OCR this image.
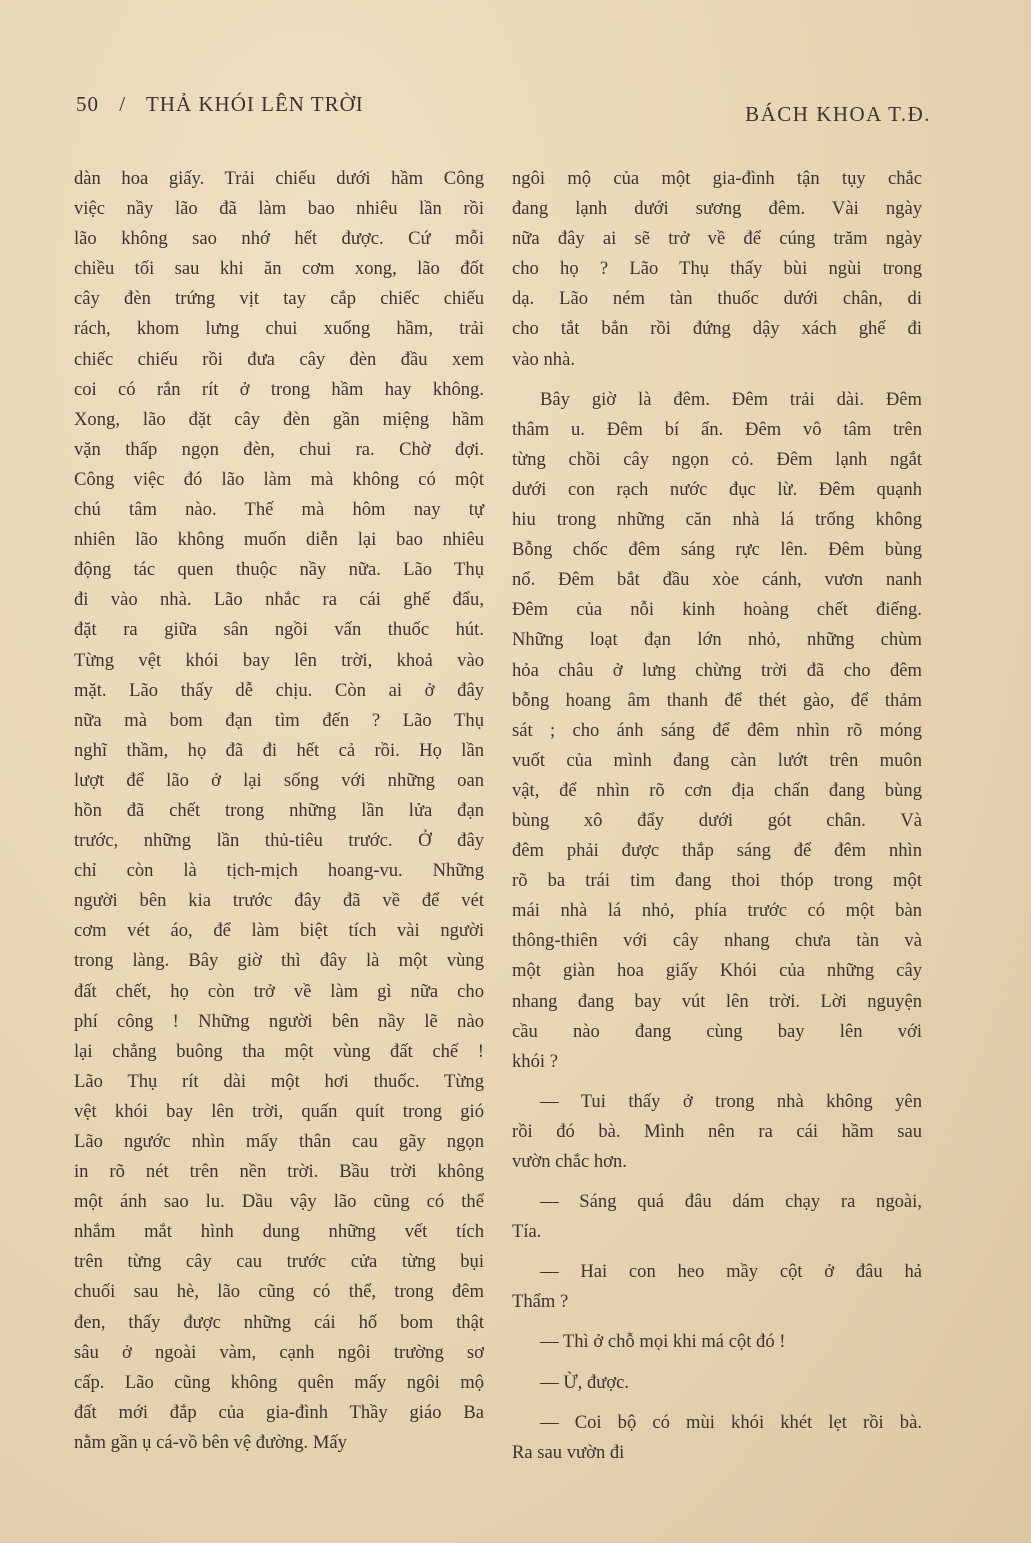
50 / THẢ KHÓI LÊN TRỜI	BÁCH KHOA T.Đ.

dàn hoa giấy. Trải chiếu dưới hầm Công
việc nầy lão đã làm bao nhiêu lần rồi
lão không sao nhớ hết được. Cứ mỗi
chiều tối sau khi ăn cơm xong, lão đốt
cây đèn trứng vịt tay cắp chiếc chiếu
rách, khom lưng chui xuống hầm, trải
chiếc chiếu rồi đưa cây đèn đầu xem
coi có rắn rít ở trong hầm hay không.
Xong, lão đặt cây đèn gần miệng hầm
vặn thấp ngọn đèn, chui ra. Chờ đợi.
Công việc đó lão làm mà không có một
chú tâm nào. Thế mà hôm nay tự
nhiên lão không muốn diễn lại bao nhiêu
động tác quen thuộc nầy nữa. Lão Thụ
đi vào nhà. Lão nhắc ra cái ghế đẩu,
đặt ra giữa sân ngồi vấn thuốc hút.
Từng vệt khói bay lên trời, khoả vào
mặt. Lão thấy dễ chịu. Còn ai ở đây
nữa mà bom đạn tìm đến ? Lão Thụ
nghĩ thầm, họ đã đi hết cả rồi. Họ lần
lượt để lão ở lại sống với những oan
hồn đã chết trong những lần lửa đạn
trước, những lần thủ-tiêu trước. Ở đây
chỉ còn là tịch-mịch hoang-vu. Những
người bên kia trước đây đã về để vét
cơm vét áo, để làm biệt tích vài người
trong làng. Bây giờ thì đây là một vùng
đất chết, họ còn trở về làm gì nữa cho
phí công ! Những người bên nầy lẽ nào
lại chẳng buông tha một vùng đất chế !
Lão Thụ rít dài một hơi thuốc. Từng
vệt khói bay lên trời, quấn quít trong gió
Lão ngước nhìn mấy thân cau gãy ngọn
in rõ nét trên nền trời. Bầu trời không
một ánh sao lu. Dầu vậy lão cũng có thể
nhắm mắt hình dung những vết tích
trên từng cây cau trước cửa từng bụi
chuối sau hè, lão cũng có thể, trong đêm
đen, thấy được những cái hố bom thật
sâu ở ngoài vàm, cạnh ngôi trường sơ
cấp. Lão cũng không quên mấy ngôi mộ
đất mới đắp của gia-đình Thầy giáo Ba
nằm gần ụ cá-vồ bên vệ đường. Mấy

ngôi mộ của một gia-đình tận tụy chắc
đang lạnh dưới sương đêm. Vài ngày
nữa đây ai sẽ trở về để cúng trăm ngày
cho họ ? Lão Thụ thấy bùi ngùi trong
dạ. Lão ném tàn thuốc dưới chân, di
cho tắt bẳn rồi đứng dậy xách ghế đi
vào nhà.

Bây giờ là đêm. Đêm trải dài. Đêm
thâm u. Đêm bí ẩn. Đêm vô tâm trên
từng chồi cây ngọn cỏ. Đêm lạnh ngắt
dưới con rạch nước đục lừ. Đêm quạnh
hiu trong những căn nhà lá trống không
Bỗng chốc đêm sáng rực lên. Đêm bùng
nổ. Đêm bắt đầu xòe cánh, vươn nanh
Đêm của nỗi kinh hoàng chết điếng.
Những loạt đạn lớn nhỏ, những chùm
hỏa châu ở lưng chừng trời đã cho đêm
bỗng hoang âm thanh để thét gào, để thảm
sát ; cho ánh sáng để đêm nhìn rõ móng
vuốt của mình đang càn lướt trên muôn
vật, để nhìn rõ cơn địa chấn đang bùng
bùng xô đẩy dưới gót chân. Và
đêm phải được thắp sáng để đêm nhìn
rõ ba trái tim đang thoi thóp trong một
mái nhà lá nhỏ, phía trước có một bàn
thông-thiên với cây nhang chưa tàn và
một giàn hoa giấy Khói của những cây
nhang đang bay vút lên trời. Lời nguyện
cầu nào đang cùng bay lên với
khói ?

— Tui thấy ở trong nhà không yên
rồi đó bà. Mình nên ra cái hầm sau
vườn chắc hơn.

— Sáng quá đâu dám chạy ra ngoài,
Tía.

— Hai con heo mầy cột ở đâu hả
Thẩm ?

— Thì ở chỗ mọi khi má cột đó !

— Ừ, được.

— Coi bộ có mùi khói khét lẹt rồi bà.
Ra sau vườn đi
